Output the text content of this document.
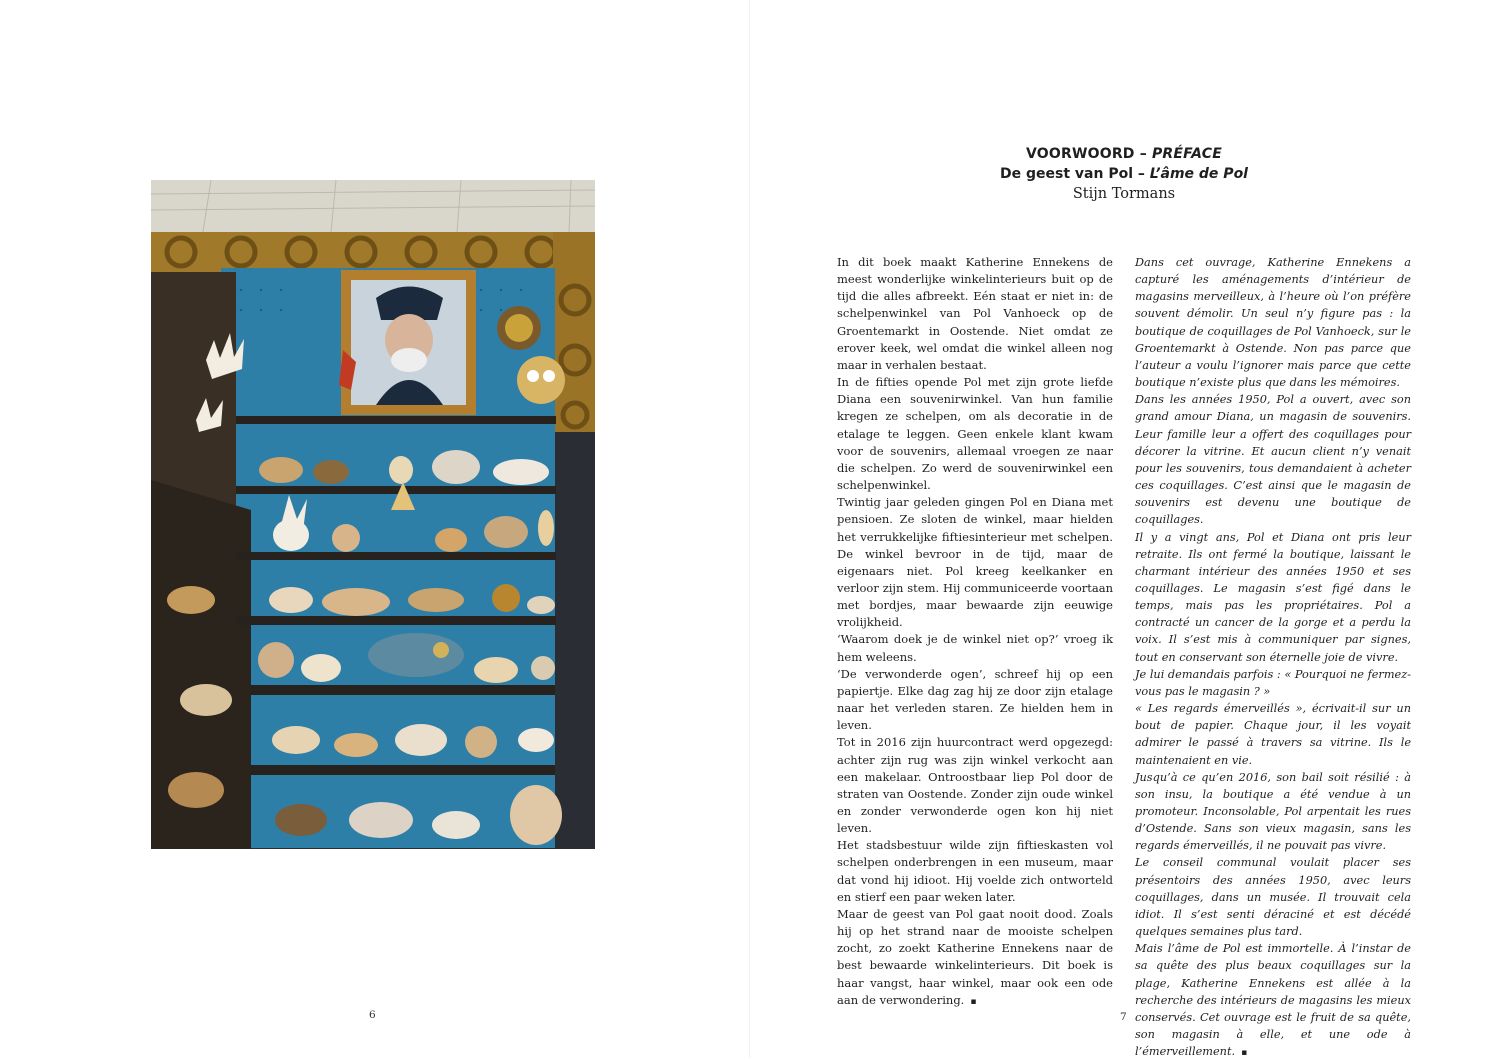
VOORWOORD – PRÉFACE
De geest van Pol – L’âme de Pol
Stijn Tormans

In dit boek maakt Katherine Ennekens de meest wonderlijke winkelinterieurs buit op de tijd die alles afbreekt. Eén staat er niet in: de schelpenwinkel van Pol Vanhoeck op de Groentemarkt in Oostende. Niet omdat ze erover keek, wel omdat die winkel alleen nog maar in verhalen bestaat.

In de fifties opende Pol met zijn grote liefde Diana een souvenirwinkel. Van hun familie kregen ze schelpen, om als decoratie in de etalage te leggen. Geen enkele klant kwam voor de souvenirs, allemaal vroegen ze naar die schelpen. Zo werd de souvenirwinkel een schelpenwinkel.

Twintig jaar geleden gingen Pol en Diana met pensioen. Ze sloten de winkel, maar hielden het verrukkelijke fiftiesinterieur met schelpen. De winkel bevroor in de tijd, maar de eigenaars niet. Pol kreeg keelkanker en verloor zijn stem. Hij communiceerde voortaan met bordjes, maar bewaarde zijn eeuwige vrolijkheid.

‘Waarom doek je de winkel niet op?’ vroeg ik hem weleens.

‘De verwonderde ogen’, schreef hij op een papiertje. Elke dag zag hij ze door zijn etalage naar het verleden staren. Ze hielden hem in leven.

Tot in 2016 zijn huurcontract werd opgezegd: achter zijn rug was zijn winkel verkocht aan een makelaar. Ontroostbaar liep Pol door de straten van Oostende. Zonder zijn oude winkel en zonder verwonderde ogen kon hij niet leven.

Het stadsbestuur wilde zijn fiftieskasten vol schelpen onderbrengen in een museum, maar dat vond hij idioot. Hij voelde zich ontworteld en stierf een paar weken later.

Maar de geest van Pol gaat nooit dood. Zoals hij op het strand naar de mooiste schelpen zocht, zo zoekt Katherine Ennekens naar de best bewaarde winkelinterieurs. Dit boek is haar vangst, haar winkel, maar ook een ode aan de verwondering. ▪

Dans cet ouvrage, Katherine Ennekens a capturé les aménagements d’intérieur de magasins merveilleux, à l’heure où l’on préfère souvent démolir. Un seul n’y figure pas : la boutique de coquillages de Pol Vanhoeck, sur le Groentemarkt à Ostende. Non pas parce que l’auteur a voulu l’ignorer mais parce que cette boutique n’existe plus que dans les mémoires.

Dans les années 1950, Pol a ouvert, avec son grand amour Diana, un magasin de souvenirs. Leur famille leur a offert des coquillages pour décorer la vitrine. Et aucun client n’y venait pour les souvenirs, tous demandaient à acheter ces coquillages. C’est ainsi que le magasin de souvenirs est devenu une boutique de coquillages.

Il y a vingt ans, Pol et Diana ont pris leur retraite. Ils ont fermé la boutique, laissant le charmant intérieur des années 1950 et ses coquillages. Le magasin s’est figé dans le temps, mais pas les propriétaires. Pol a contracté un cancer de la gorge et a perdu la voix. Il s’est mis à communiquer par signes, tout en conservant son éternelle joie de vivre.

Je lui demandais parfois : « Pourquoi ne fermez-vous pas le magasin ? »

« Les regards émerveillés », écrivait-il sur un bout de papier. Chaque jour, il les voyait admirer le passé à travers sa vitrine. Ils le maintenaient en vie.

Jusqu’à ce qu’en 2016, son bail soit résilié : à son insu, la boutique a été vendue à un promoteur. Inconsolable, Pol arpentait les rues d’Ostende. Sans son vieux magasin, sans les regards émerveillés, il ne pouvait pas vivre.

Le conseil communal voulait placer ses présentoirs des années 1950, avec leurs coquillages, dans un musée. Il trouvait cela idiot. Il s’est senti déraciné et est décédé quelques semaines plus tard.

Mais l’âme de Pol est immortelle. À l’instar de sa quête des plus beaux coquillages sur la plage, Katherine Ennekens est allée à la recherche des intérieurs de magasins les mieux conservés. Cet ouvrage est le fruit de sa quête, son magasin à elle, et une ode à l’émerveillement. ▪

6	7
